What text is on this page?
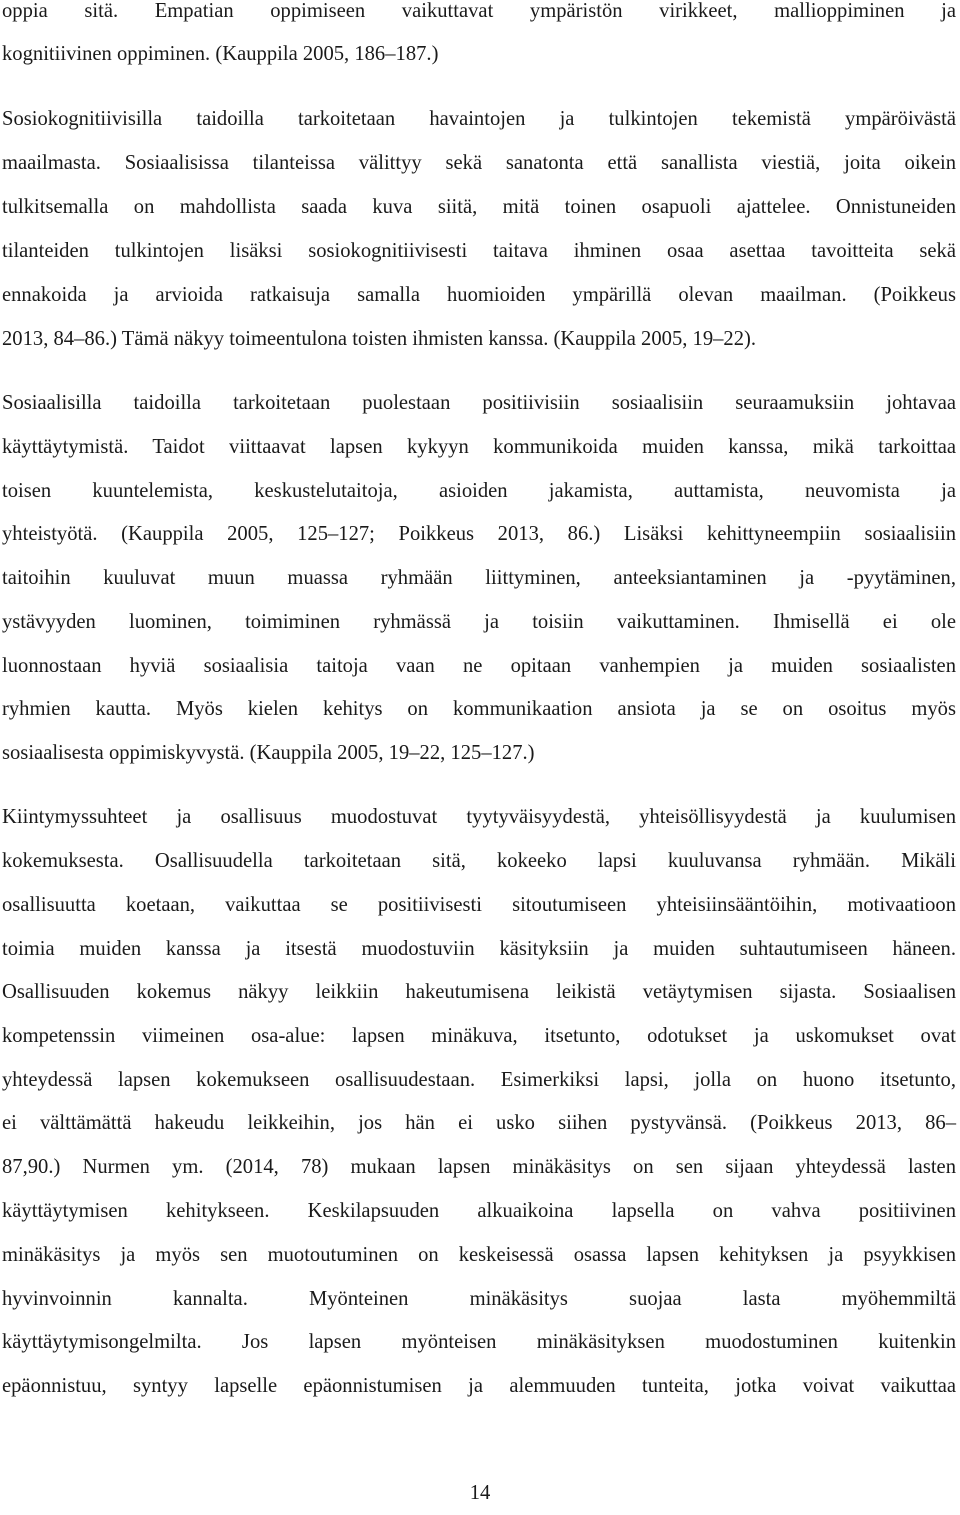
oppia sitä. Empatian oppimiseen vaikuttavat ympäristön virikkeet, mallioppiminen ja
kognitiivinen oppiminen. (Kauppila 2005, 186–187.)
Sosiokognitiivisilla taidoilla tarkoitetaan havaintojen ja tulkintojen tekemistä ympäröivästä
maailmasta. Sosiaalisissa tilanteissa välittyy sekä sanatonta että sanallista viestiä, joita oikein
tulkitsemalla on mahdollista saada kuva siitä, mitä toinen osapuoli ajattelee. Onnistuneiden
tilanteiden tulkintojen lisäksi sosiokognitiivisesti taitava ihminen osaa asettaa tavoitteita sekä
ennakoida ja arvioida ratkaisuja samalla huomioiden ympärillä olevan maailman. (Poikkeus
2013, 84–86.) Tämä näkyy toimeentulona toisten ihmisten kanssa. (Kauppila 2005, 19–22).
Sosiaalisilla taidoilla tarkoitetaan puolestaan positiivisiin sosiaalisiin seuraamuksiin johtavaa
käyttäytymistä. Taidot viittaavat lapsen kykyyn kommunikoida muiden kanssa, mikä tarkoittaa
toisen kuuntelemista, keskustelutaitoja, asioiden jakamista, auttamista, neuvomista ja
yhteistyötä. (Kauppila 2005, 125–127; Poikkeus 2013, 86.) Lisäksi kehittyneempiin sosiaalisiin
taitoihin kuuluvat muun muassa ryhmään liittyminen, anteeksiantaminen ja -pyytäminen,
ystävyyden luominen, toimiminen ryhmässä ja toisiin vaikuttaminen. Ihmisellä ei ole
luonnostaan hyviä sosiaalisia taitoja vaan ne opitaan vanhempien ja muiden sosiaalisten
ryhmien kautta. Myös kielen kehitys on kommunikaation ansiota ja se on osoitus myös
sosiaalisesta oppimiskyvystä. (Kauppila 2005, 19–22, 125–127.)
Kiintymyssuhteet ja osallisuus muodostuvat tyytyväisyydestä, yhteisöllisyydestä ja kuulumisen
kokemuksesta. Osallisuudella tarkoitetaan sitä, kokeeko lapsi kuuluvansa ryhmään. Mikäli
osallisuutta koetaan, vaikuttaa se positiivisesti sitoutumiseen yhteisiinsääntöihin, motivaatioon
toimia muiden kanssa ja itsestä muodostuviin käsityksiin ja muiden suhtautumiseen häneen.
Osallisuuden kokemus näkyy leikkiin hakeutumisena leikistä vetäytymisen sijasta. Sosiaalisen
kompetenssin viimeinen osa-alue: lapsen minäkuva, itsetunto, odotukset ja uskomukset ovat
yhteydessä lapsen kokemukseen osallisuudestaan. Esimerkiksi lapsi, jolla on huono itsetunto,
ei välttämättä hakeudu leikkeihin, jos hän ei usko siihen pystyvänsä. (Poikkeus 2013, 86–
87,90.) Nurmen ym. (2014, 78) mukaan lapsen minäkäsitys on sen sijaan yhteydessä lasten
käyttäytymisen kehitykseen. Keskilapsuuden alkuaikoina lapsella on vahva positiivinen
minäkäsitys ja myös sen muotoutuminen on keskeisessä osassa lapsen kehityksen ja psyykkisen
hyvinvoinnin kannalta. Myönteinen minäkäsitys suojaa lasta myöhemmiltä
käyttäytymisongelmilta. Jos lapsen myönteisen minäkäsityksen muodostuminen kuitenkin
epäonnistuu, syntyy lapselle epäonnistumisen ja alemmuuden tunteita, jotka voivat vaikuttaa
14
